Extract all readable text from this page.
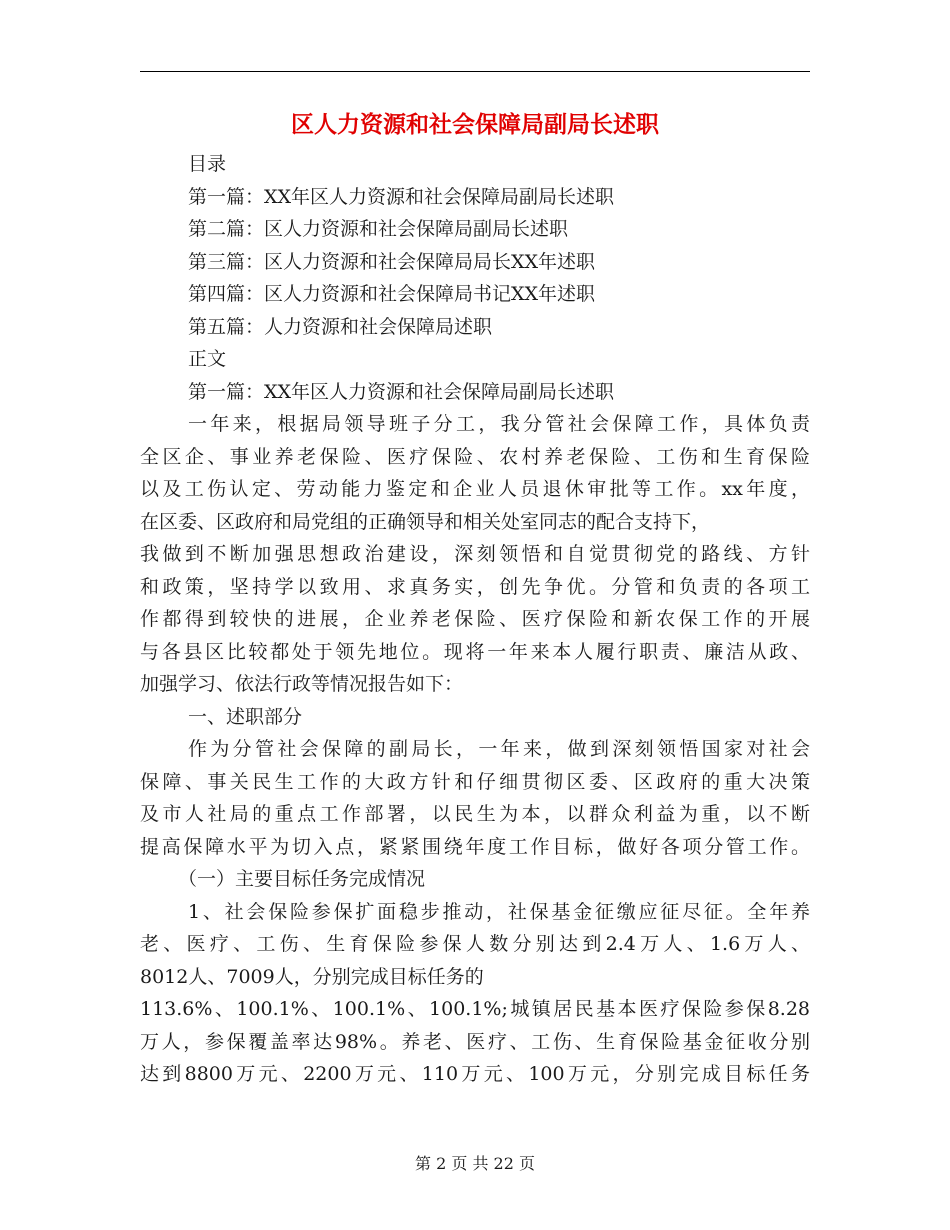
区人力资源和社会保障局副局长述职
目录
第一篇：XX年区人力资源和社会保障局副局长述职
第二篇：区人力资源和社会保障局副局长述职
第三篇：区人力资源和社会保障局局长XX年述职
第四篇：区人力资源和社会保障局书记XX年述职
第五篇：人力资源和社会保障局述职
正文
第一篇：XX年区人力资源和社会保障局副局长述职
一年来，根据局领导班子分工，我分管社会保障工作，具体负责
全区企、事业养老保险、医疗保险、农村养老保险、工伤和生育保险
以及工伤认定、劳动能力鉴定和企业人员退休审批等工作。xx年度，
在区委、区政府和局党组的正确领导和相关处室同志的配合支持下，
我做到不断加强思想政治建设，深刻领悟和自觉贯彻党的路线、方针
和政策，坚持学以致用、求真务实，创先争优。分管和负责的各项工
作都得到较快的进展，企业养老保险、医疗保险和新农保工作的开展
与各县区比较都处于领先地位。现将一年来本人履行职责、廉洁从政、
加强学习、依法行政等情况报告如下：
一、述职部分
作为分管社会保障的副局长，一年来，做到深刻领悟国家对社会
保障、事关民生工作的大政方针和仔细贯彻区委、区政府的重大决策
及市人社局的重点工作部署，以民生为本，以群众利益为重，以不断
提高保障水平为切入点，紧紧围绕年度工作目标，做好各项分管工作。
（一）主要目标任务完成情况
1、社会保险参保扩面稳步推动，社保基金征缴应征尽征。全年养
老、医疗、工伤、生育保险参保人数分别达到2.4万人、1.6万人、
8012人、7009人，分别完成目标任务的
113.6%、100.1%、100.1%、100.1%;城镇居民基本医疗保险参保8.28
万人，参保覆盖率达98%。养老、医疗、工伤、生育保险基金征收分别
达到8800万元、2200万元、110万元、100万元，分别完成目标任务
第 2 页 共 22 页
